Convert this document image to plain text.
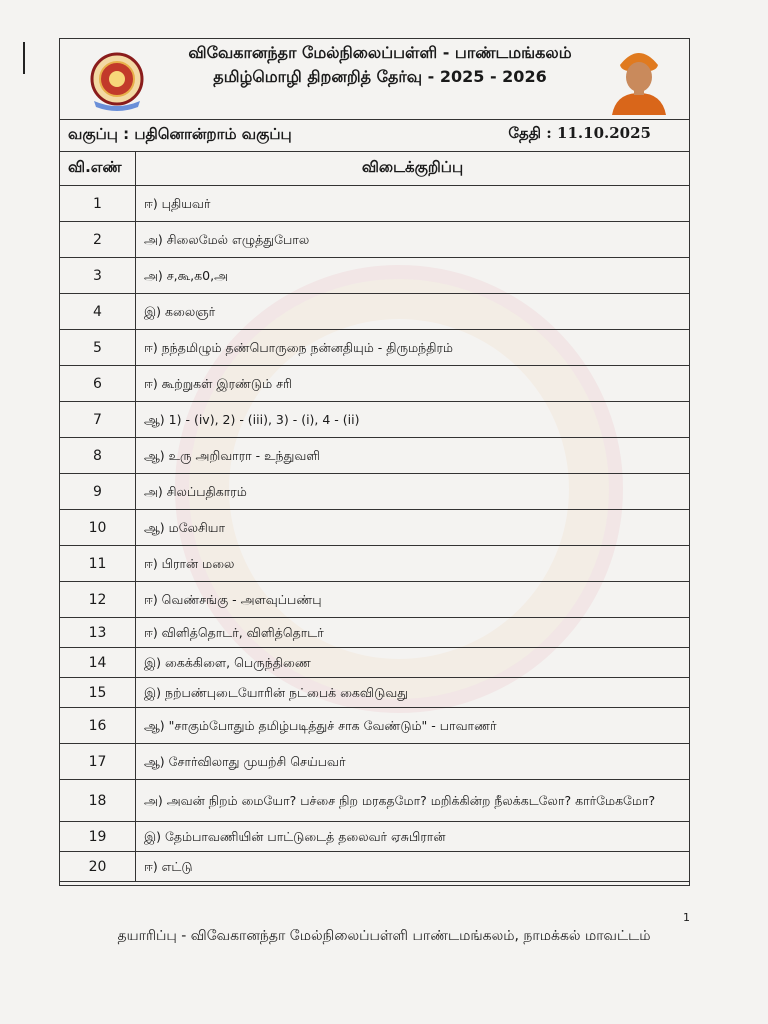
விவேகானந்தா மேல்நிலைப்பள்ளி - பாண்டமங்கலம்
தமிழ்மொழி திறனறித் தேர்வு - 2025 - 2026
வகுப்பு : பதினொன்றாம் வகுப்பு	தேதி : 11.10.2025
வி.எண்	விடைக்குறிப்பு
1	ஈ) புதியவர்
2	அ) சிலைமேல் எழுத்துபோல
3	அ) ச,கூ,க0,அ
4	இ) கலைஞர்
5	ஈ) நந்தமிழும் தண்பொருநை நன்னதியும் - திருமந்திரம்
6	ஈ) கூற்றுகள் இரண்டும் சரி
7	ஆ) 1) - (iv), 2) - (iii), 3) - (i), 4 - (ii)
8	ஆ) உரு அறிவாரா - உந்துவளி
9	அ) சிலப்பதிகாரம்
10	ஆ) மலேசியா
11	ஈ) பிரான் மலை
12	ஈ) வெண்சங்கு - அளவுப்பண்பு
13	ஈ) விளித்தொடர், விளித்தொடர்
14	இ) கைக்கிளை, பெருந்திணை
15	இ) நற்பண்புடையோரின் நட்பைக் கைவிடுவது
16	ஆ) "சாகும்போதும் தமிழ்படித்துச் சாக வேண்டும்" - பாவாணர்
17	ஆ) சோர்விலாது முயற்சி செய்பவர்
18	அ) அவன் நிறம் மையோ? பச்சை நிற மரகதமோ? மறிக்கின்ற நீலக்கடலோ? கார்மேகமோ?
19	இ) தேம்பாவணியின் பாட்டுடைத் தலைவர் ஏசுபிரான்
20	ஈ) எட்டு
1
தயாரிப்பு - விவேகானந்தா மேல்நிலைப்பள்ளி பாண்டமங்கலம், நாமக்கல் மாவட்டம்
